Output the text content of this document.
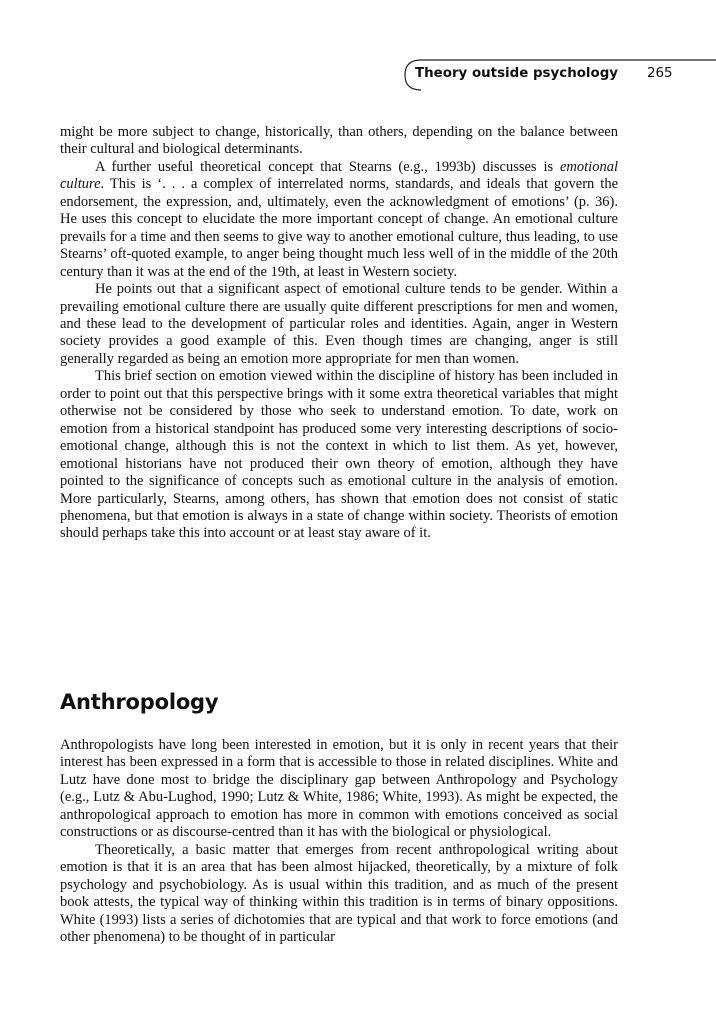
Theory outside psychology 265

might be more subject to change, historically, than others, depending on the balance between their cultural and biological determinants.

A further useful theoretical concept that Stearns (e.g., 1993b) discusses is emotional culture. This is ‘. . . a complex of interrelated norms, standards, and ideals that govern the endorsement, the expression, and, ultimately, even the acknowledgment of emotions’ (p. 36). He uses this concept to elucidate the more important concept of change. An emotional culture prevails for a time and then seems to give way to another emotional culture, thus leading, to use Stearns’ oft-quoted example, to anger being thought much less well of in the middle of the 20th century than it was at the end of the 19th, at least in Western society.

He points out that a significant aspect of emotional culture tends to be gender. Within a prevailing emotional culture there are usually quite different prescriptions for men and women, and these lead to the development of particular roles and identities. Again, anger in Western society provides a good example of this. Even though times are changing, anger is still generally regarded as being an emotion more appropriate for men than women.

This brief section on emotion viewed within the discipline of history has been included in order to point out that this perspective brings with it some extra theoretical variables that might otherwise not be considered by those who seek to understand emotion. To date, work on emotion from a historical standpoint has produced some very interesting descriptions of socio-emotional change, although this is not the context in which to list them. As yet, however, emotional historians have not produced their own theory of emotion, although they have pointed to the significance of concepts such as emotional culture in the analysis of emotion. More particularly, Stearns, among others, has shown that emotion does not consist of static phenomena, but that emotion is always in a state of change within society. Theorists of emotion should perhaps take this into account or at least stay aware of it.

Anthropology

Anthropologists have long been interested in emotion, but it is only in recent years that their interest has been expressed in a form that is accessible to those in related disciplines. White and Lutz have done most to bridge the disciplinary gap between Anthropology and Psychology (e.g., Lutz & Abu-Lughod, 1990; Lutz & White, 1986; White, 1993). As might be expected, the anthropological approach to emotion has more in common with emotions conceived as social constructions or as discourse-centred than it has with the biological or physiological.

Theoretically, a basic matter that emerges from recent anthropological writing about emotion is that it is an area that has been almost hijacked, theoretically, by a mixture of folk psychology and psychobiology. As is usual within this tradition, and as much of the present book attests, the typical way of thinking within this tradition is in terms of binary oppositions. White (1993) lists a series of dichotomies that are typical and that work to force emotions (and other phenomena) to be thought of in particular
